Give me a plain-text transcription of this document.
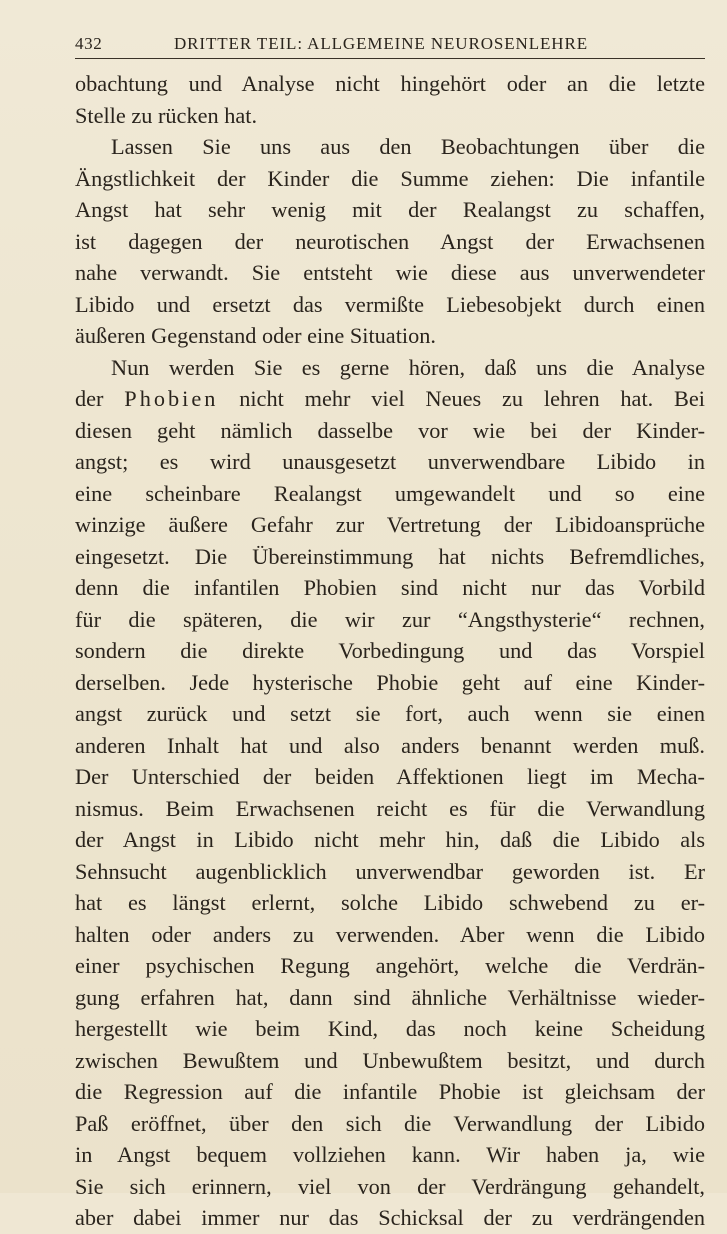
432	DRITTER TEIL: ALLGEMEINE NEUROSENLEHRE
obachtung und Analyse nicht hingehört oder an die letzte
Stelle zu rücken hat.
Lassen Sie uns aus den Beobachtungen über die
Ängstlichkeit der Kinder die Summe ziehen: Die infantile
Angst hat sehr wenig mit der Realangst zu schaffen,
ist dagegen der neurotischen Angst der Erwachsenen
nahe verwandt. Sie entsteht wie diese aus unverwendeter
Libido und ersetzt das vermißte Liebesobjekt durch einen
äußeren Gegenstand oder eine Situation.
Nun werden Sie es gerne hören, daß uns die Analyse
der Phobien nicht mehr viel Neues zu lehren hat. Bei
diesen geht nämlich dasselbe vor wie bei der Kinder-
angst; es wird unausgesetzt unverwendbare Libido in
eine scheinbare Realangst umgewandelt und so eine
winzige äußere Gefahr zur Vertretung der Libidoansprüche
eingesetzt. Die Übereinstimmung hat nichts Befremdliches,
denn die infantilen Phobien sind nicht nur das Vorbild
für die späteren, die wir zur “Angsthysterie“ rechnen,
sondern die direkte Vorbedingung und das Vorspiel
derselben. Jede hysterische Phobie geht auf eine Kinder-
angst zurück und setzt sie fort, auch wenn sie einen
anderen Inhalt hat und also anders benannt werden muß.
Der Unterschied der beiden Affektionen liegt im Mecha-
nismus. Beim Erwachsenen reicht es für die Verwandlung
der Angst in Libido nicht mehr hin, daß die Libido als
Sehnsucht augenblicklich unverwendbar geworden ist. Er
hat es längst erlernt, solche Libido schwebend zu er-
halten oder anders zu verwenden. Aber wenn die Libido
einer psychischen Regung angehört, welche die Verdrän-
gung erfahren hat, dann sind ähnliche Verhältnisse wieder-
hergestellt wie beim Kind, das noch keine Scheidung
zwischen Bewußtem und Unbewußtem besitzt, und durch
die Regression auf die infantile Phobie ist gleichsam der
Paß eröffnet, über den sich die Verwandlung der Libido
in Angst bequem vollziehen kann. Wir haben ja, wie
Sie sich erinnern, viel von der Verdrängung gehandelt,
aber dabei immer nur das Schicksal der zu verdrängenden
